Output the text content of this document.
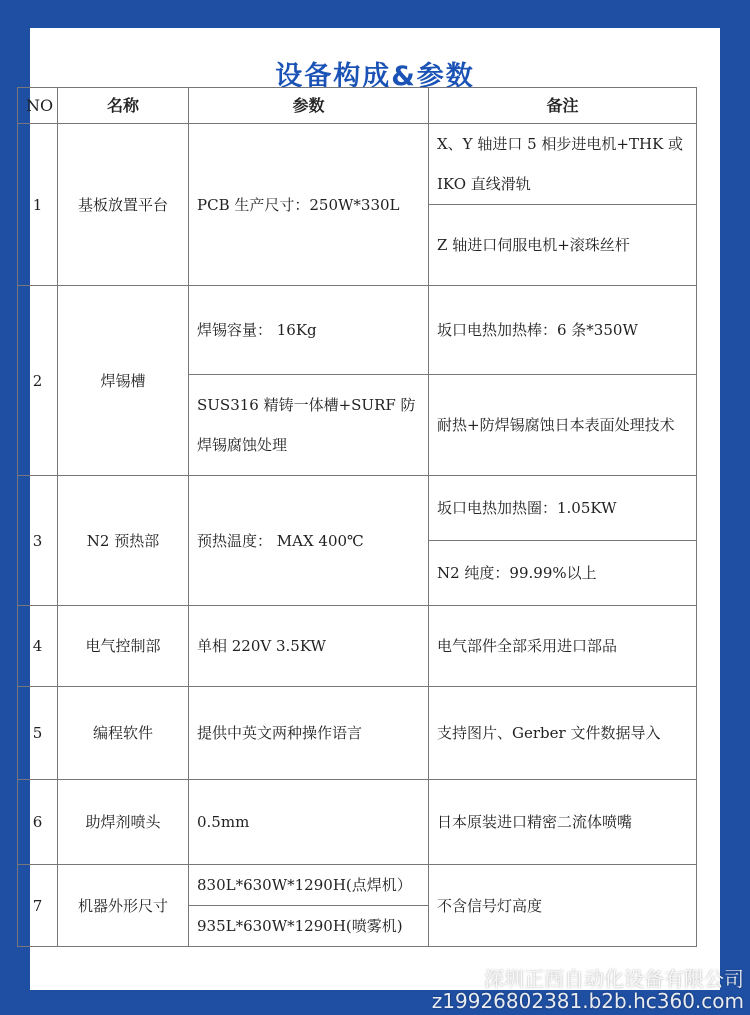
设备构成&参数
NO	名称	参数	备注
1	基板放置平台	PCB 生产尺寸：250W*330L	X、Y 轴进口 5 相步进电机+THK 或 IKO 直线滑轨
			Z 轴进口伺服电机+滚珠丝杆
2	焊锡槽	焊锡容量： 16Kg	坂口电热加热棒：6 条*350W
		SUS316 精铸一体槽+SURF 防焊锡腐蚀处理	耐热+防焊锡腐蚀日本表面处理技术
3	N2 预热部	预热温度： MAX 400℃	坂口电热加热圈：1.05KW
			N2 纯度：99.99%以上
4	电气控制部	单相 220V 3.5KW	电气部件全部采用进口部品
5	编程软件	提供中英文两种操作语言	支持图片、Gerber 文件数据导入
6	助焊剂喷头	0.5mm	日本原装进口精密二流体喷嘴
7	机器外形尺寸	830L*630W*1290H(点焊机）	不含信号灯高度
		935L*630W*1290H(喷雾机)	
深圳正西自动化设备有限公司
z19926802381.b2b.hc360.com
